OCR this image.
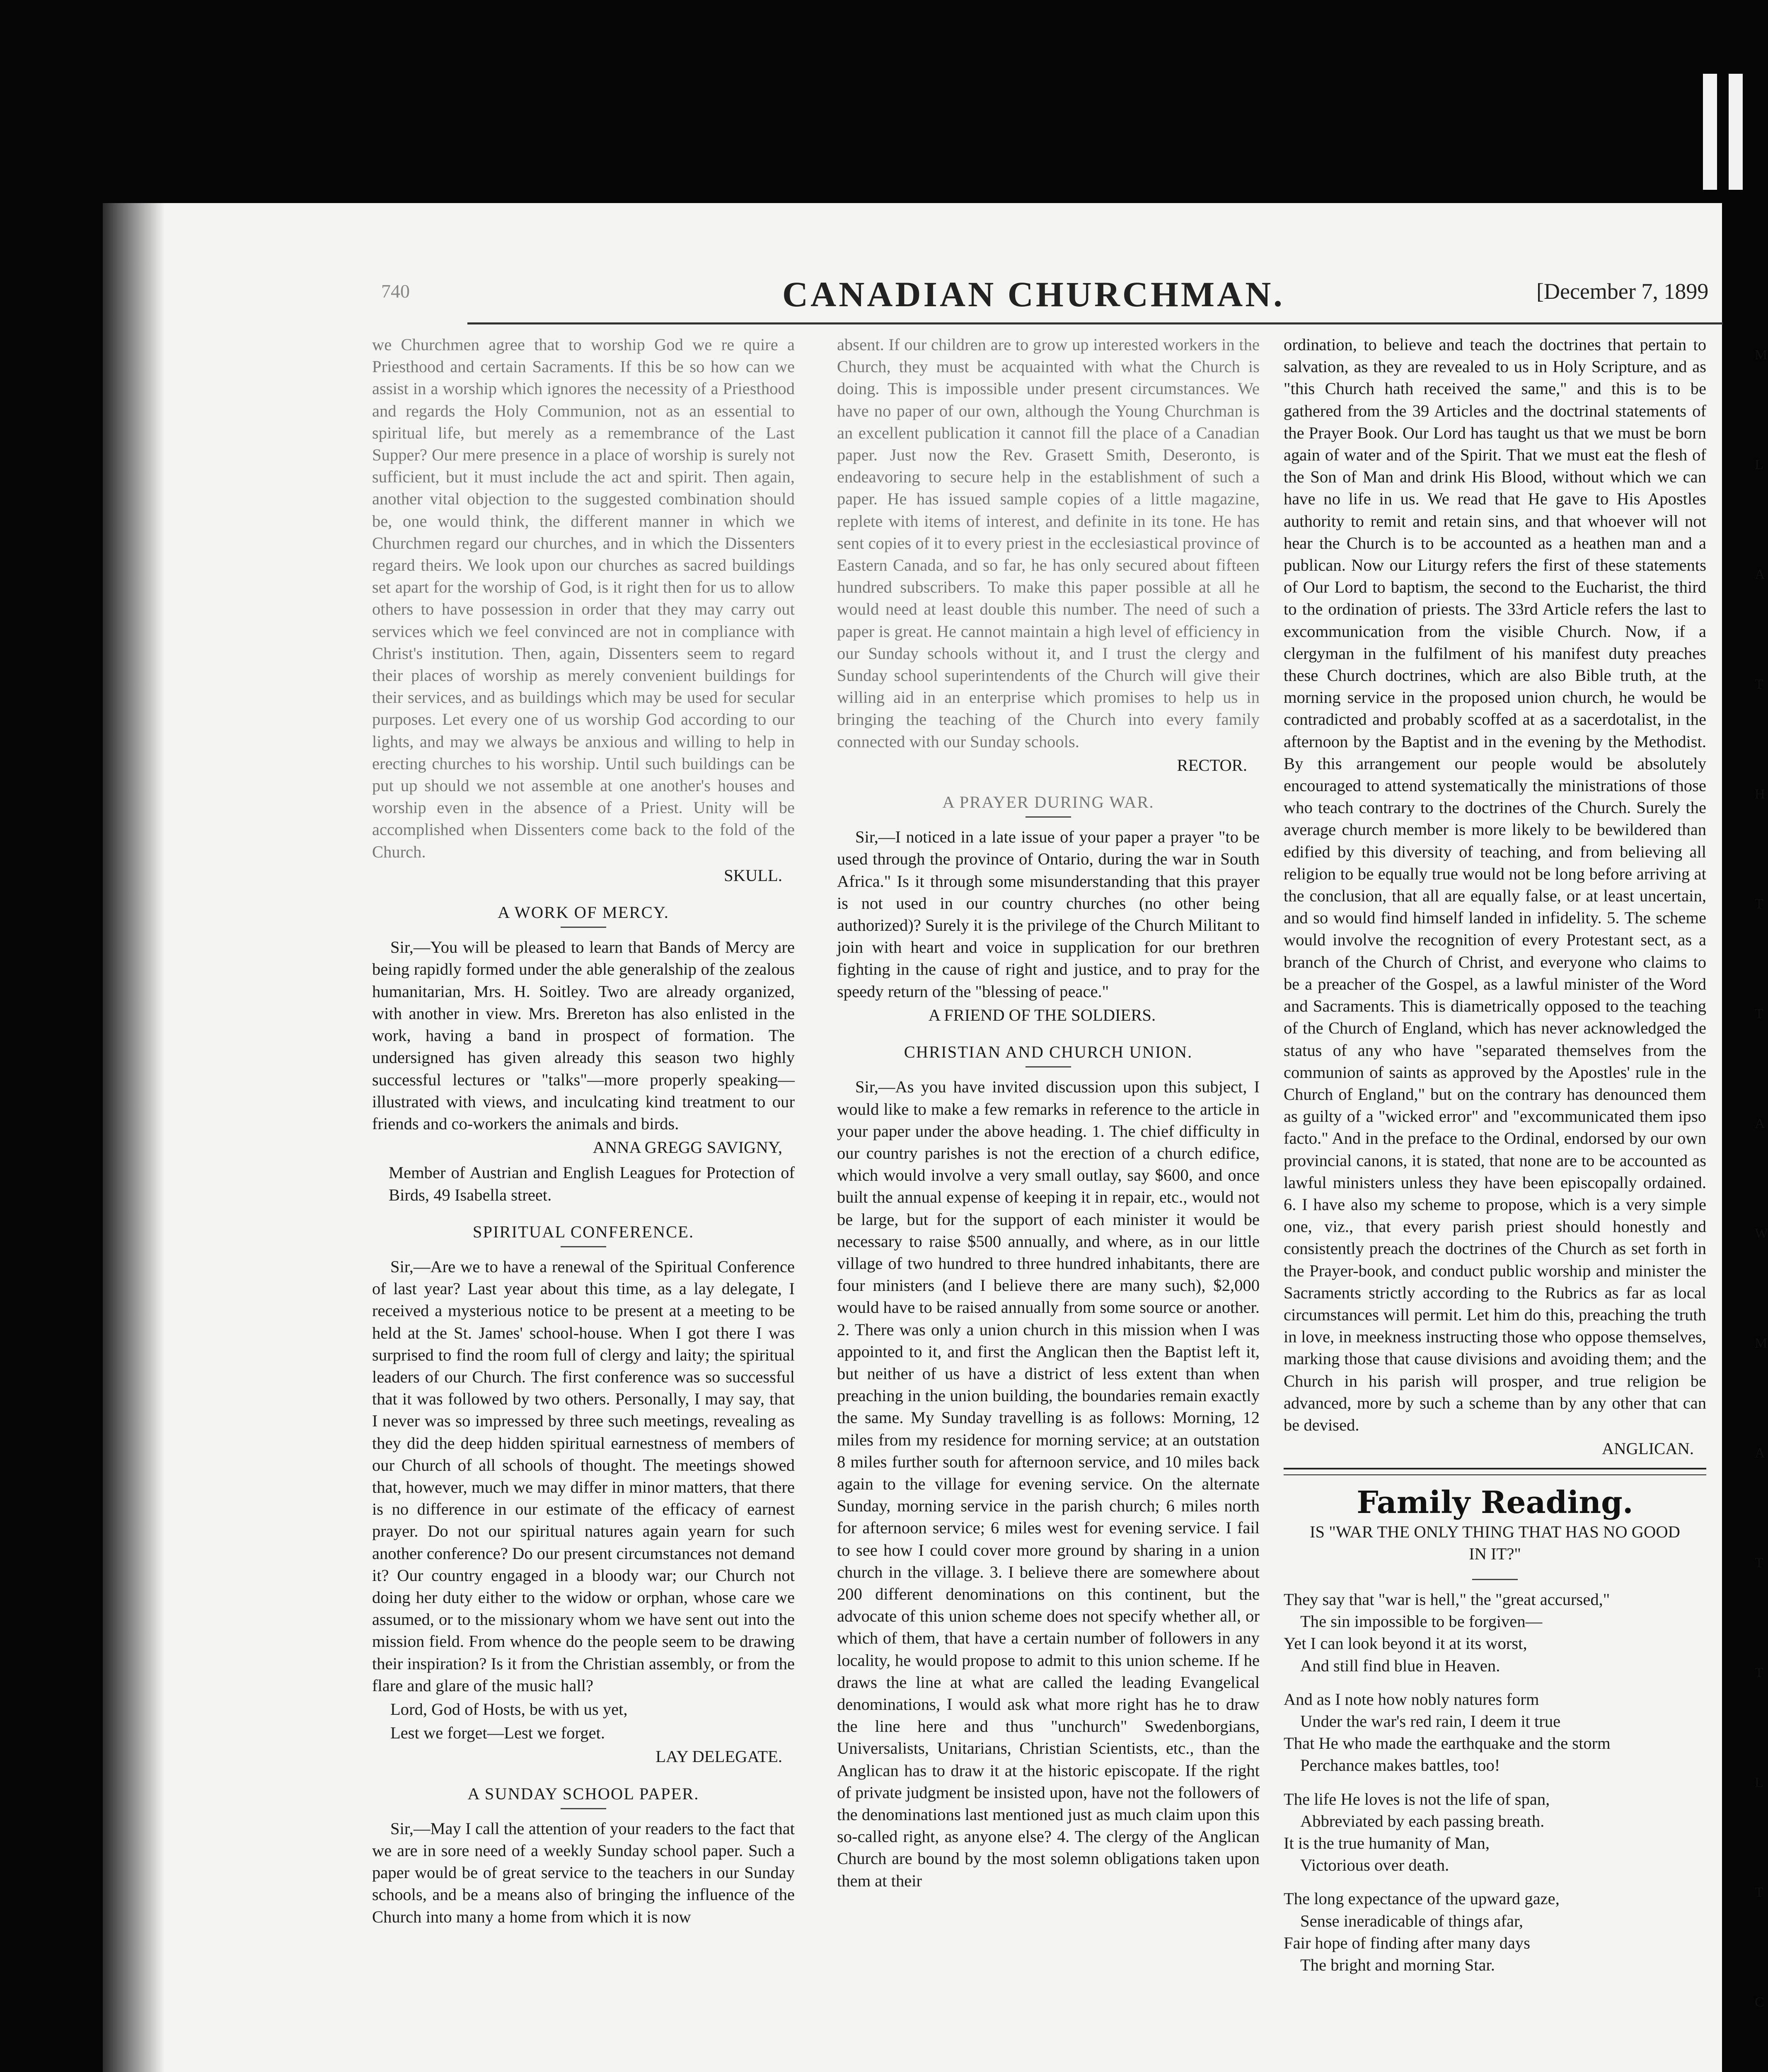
M
L
A
T
H
T
T
A
W
M
A
T
T
L
T
C
740	CANADIAN CHURCHMAN.	[December 7, 1899

we Churchmen agree that to worship God we re quire a Priesthood and certain Sacraments. If this be so how can we assist in a worship which ignores the necessity of a Priesthood and regards the Holy Communion, not as an essential to spiritual life, but merely as a remembrance of the Last Supper? Our mere presence in a place of worship is surely not sufficient, but it must include the act and spirit. Then again, another vital objection to the suggested combination should be, one would think, the different manner in which we Churchmen regard our churches, and in which the Dissenters regard theirs. We look upon our churches as sacred buildings set apart for the worship of God, is it right then for us to allow others to have possession in order that they may carry out services which we feel convinced are not in compliance with Christ's institution. Then, again, Dissenters seem to regard their places of worship as merely convenient buildings for their services, and as buildings which may be used for secular purposes. Let every one of us worship God according to our lights, and may we always be anxious and willing to help in erecting churches to his worship. Until such buildings can be put up should we not assemble at one another's houses and worship even in the absence of a Priest. Unity will be accomplished when Dissenters come back to the fold of the Church.

SKULL.
A WORK OF MERCY.

Sir,—You will be pleased to learn that Bands of Mercy are being rapidly formed under the able generalship of the zealous humanitarian, Mrs. H. Soitley. Two are already organized, with another in view. Mrs. Brereton has also enlisted in the work, having a band in prospect of formation. The undersigned has given already this season two highly successful lectures or "talks"—more properly speaking—illustrated with views, and inculcating kind treatment to our friends and co-workers the animals and birds.

ANNA GREGG SAVIGNY,

Member of Austrian and English Leagues for Protection of Birds, 49 Isabella street.

SPIRITUAL CONFERENCE.

Sir,—Are we to have a renewal of the Spiritual Conference of last year? Last year about this time, as a lay delegate, I received a mysterious notice to be present at a meeting to be held at the St. James' school-house. When I got there I was surprised to find the room full of clergy and laity; the spiritual leaders of our Church. The first conference was so successful that it was followed by two others. Personally, I may say, that I never was so impressed by three such meetings, revealing as they did the deep hidden spiritual earnestness of members of our Church of all schools of thought. The meetings showed that, however, much we may differ in minor matters, that there is no difference in our estimate of the efficacy of earnest prayer. Do not our spiritual natures again yearn for such another conference? Do our present circumstances not demand it? Our country engaged in a bloody war; our Church not doing her duty either to the widow or orphan, whose care we assumed, or to the missionary whom we have sent out into the mission field. From whence do the people seem to be drawing their inspiration? Is it from the Christian assembly, or from the flare and glare of the music hall?

Lord, God of Hosts, be with us yet,

Lest we forget—Lest we forget.

LAY DELEGATE.
A SUNDAY SCHOOL PAPER.

Sir,—May I call the attention of your readers to the fact that we are in sore need of a weekly Sunday school paper. Such a paper would be of great service to the teachers in our Sunday schools, and be a means also of bringing the influence of the Church into many a home from which it is now

absent. If our children are to grow up interested workers in the Church, they must be acquainted with what the Church is doing. This is impossible under present circumstances. We have no paper of our own, although the Young Churchman is an excellent publication it cannot fill the place of a Canadian paper. Just now the Rev. Grasett Smith, Deseronto, is endeavoring to secure help in the establishment of such a paper. He has issued sample copies of a little magazine, replete with items of interest, and definite in its tone. He has sent copies of it to every priest in the ecclesiastical province of Eastern Canada, and so far, he has only secured about fifteen hundred subscribers. To make this paper possible at all he would need at least double this number. The need of such a paper is great. He cannot maintain a high level of efficiency in our Sunday schools without it, and I trust the clergy and Sunday school superintendents of the Church will give their willing aid in an enterprise which promises to help us in bringing the teaching of the Church into every family connected with our Sunday schools.

RECTOR.
A PRAYER DURING WAR.

Sir,—I noticed in a late issue of your paper a prayer "to be used through the province of Ontario, during the war in South Africa." Is it through some misunderstanding that this prayer is not used in our country churches (no other being authorized)? Surely it is the privilege of the Church Militant to join with heart and voice in supplication for our brethren fighting in the cause of right and justice, and to pray for the speedy return of the "blessing of peace."

A FRIEND OF THE SOLDIERS.
CHRISTIAN AND CHURCH UNION.

Sir,—As you have invited discussion upon this subject, I would like to make a few remarks in reference to the article in your paper under the above heading. 1. The chief difficulty in our country parishes is not the erection of a church edifice, which would involve a very small outlay, say $600, and once built the annual expense of keeping it in repair, etc., would not be large, but for the support of each minister it would be necessary to raise $500 annually, and where, as in our little village of two hundred to three hundred inhabitants, there are four ministers (and I believe there are many such), $2,000 would have to be raised annually from some source or another. 2. There was only a union church in this mission when I was appointed to it, and first the Anglican then the Baptist left it, but neither of us have a district of less extent than when preaching in the union building, the boundaries remain exactly the same. My Sunday travelling is as follows: Morning, 12 miles from my residence for morning service; at an outstation 8 miles further south for afternoon service, and 10 miles back again to the village for evening service. On the alternate Sunday, morning service in the parish church; 6 miles north for afternoon service; 6 miles west for evening service. I fail to see how I could cover more ground by sharing in a union church in the village. 3. I believe there are somewhere about 200 different denominations on this continent, but the advocate of this union scheme does not specify whether all, or which of them, that have a certain number of followers in any locality, he would propose to admit to this union scheme. If he draws the line at what are called the leading Evangelical denominations, I would ask what more right has he to draw the line here and thus "unchurch" Swedenborgians, Universalists, Unitarians, Christian Scientists, etc., than the Anglican has to draw it at the historic episcopate. If the right of private judgment be insisted upon, have not the followers of the denominations last mentioned just as much claim upon this so-called right, as anyone else? 4. The clergy of the Anglican Church are bound by the most solemn obligations taken upon them at their

ordination, to believe and teach the doctrines that pertain to salvation, as they are revealed to us in Holy Scripture, and as "this Church hath received the same," and this is to be gathered from the 39 Articles and the doctrinal statements of the Prayer Book. Our Lord has taught us that we must be born again of water and of the Spirit. That we must eat the flesh of the Son of Man and drink His Blood, without which we can have no life in us. We read that He gave to His Apostles authority to remit and retain sins, and that whoever will not hear the Church is to be accounted as a heathen man and a publican. Now our Liturgy refers the first of these statements of Our Lord to baptism, the second to the Eucharist, the third to the ordination of priests. The 33rd Article refers the last to excommunication from the visible Church. Now, if a clergyman in the fulfilment of his manifest duty preaches these Church doctrines, which are also Bible truth, at the morning service in the proposed union church, he would be contradicted and probably scoffed at as a sacerdotalist, in the afternoon by the Baptist and in the evening by the Methodist. By this arrangement our people would be absolutely encouraged to attend systematically the ministrations of those who teach contrary to the doctrines of the Church. Surely the average church member is more likely to be bewildered than edified by this diversity of teaching, and from believing all religion to be equally true would not be long before arriving at the conclusion, that all are equally false, or at least uncertain, and so would find himself landed in infidelity. 5. The scheme would involve the recognition of every Protestant sect, as a branch of the Church of Christ, and everyone who claims to be a preacher of the Gospel, as a lawful minister of the Word and Sacraments. This is diametrically opposed to the teaching of the Church of England, which has never acknowledged the status of any who have "separated themselves from the communion of saints as approved by the Apostles' rule in the Church of England," but on the contrary has denounced them as guilty of a "wicked error" and "excommunicated them ipso facto." And in the preface to the Ordinal, endorsed by our own provincial canons, it is stated, that none are to be accounted as lawful ministers unless they have been episcopally ordained. 6. I have also my scheme to propose, which is a very simple one, viz., that every parish priest should honestly and consistently preach the doctrines of the Church as set forth in the Prayer-book, and conduct public worship and minister the Sacraments strictly according to the Rubrics as far as local circumstances will permit. Let him do this, preaching the truth in love, in meekness instructing those who oppose themselves, marking those that cause divisions and avoiding them; and the Church in his parish will prosper, and true religion be advanced, more by such a scheme than by any other that can be devised.

ANGLICAN.
Family Reading.
IS "WAR THE ONLY THING THAT HAS NO GOOD IN IT?"
They say that "war is hell," the "great accursed,"
The sin impossible to be forgiven—
Yet I can look beyond it at its worst,
And still find blue in Heaven.
And as I note how nobly natures form
Under the war's red rain, I deem it true
That He who made the earthquake and the storm
Perchance makes battles, too!
The life He loves is not the life of span,
Abbreviated by each passing breath.
It is the true humanity of Man,
Victorious over death.
The long expectance of the upward gaze,
Sense ineradicable of things afar,
Fair hope of finding after many days
The bright and morning Star.
